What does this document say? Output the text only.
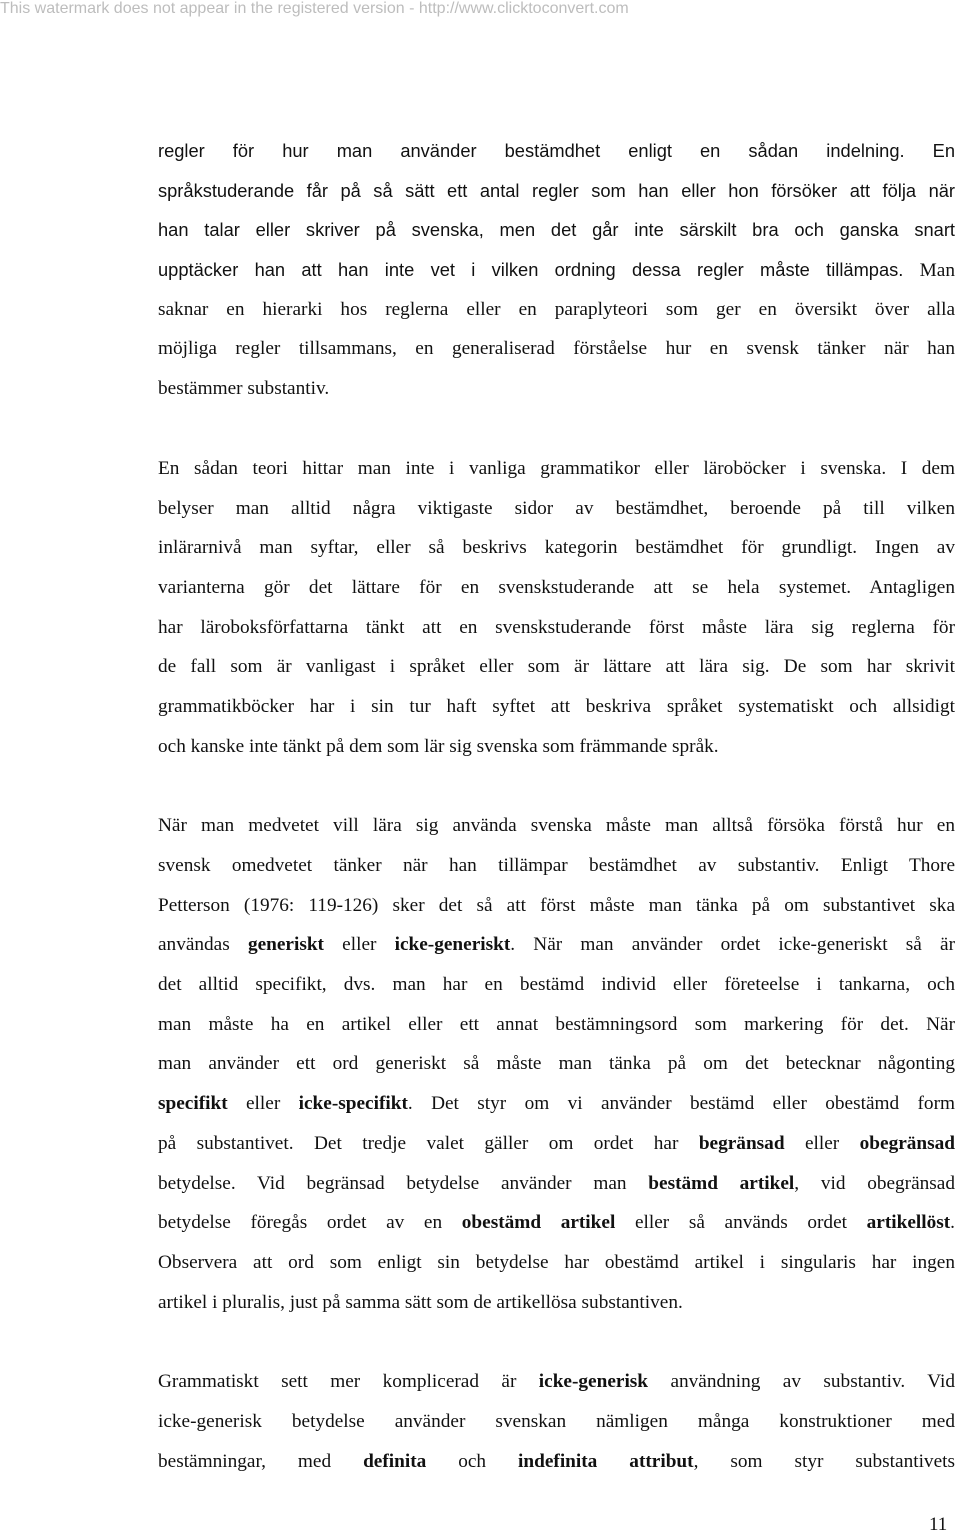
This watermark does not appear in the registered version - http://www.clicktoconvert.com
regler för hur man använder bestämdhet enligt en sådan indelning. En
språkstuderande får på så sätt ett antal regler som han eller hon försöker att följa när
han talar eller skriver på svenska, men det går inte särskilt bra och ganska snart
upptäcker han att han inte vet i vilken ordning dessa regler måste tillämpas. Man
saknar en hierarki hos reglerna eller en paraplyteori som ger en översikt över alla
möjliga regler tillsammans, en generaliserad förståelse hur en svensk tänker när han
bestämmer substantiv.
En sådan teori hittar man inte i vanliga grammatikor eller läroböcker i svenska. I dem
belyser man alltid några viktigaste sidor av bestämdhet, beroende på till vilken
inlärarnivå man syftar, eller så beskrivs kategorin bestämdhet för grundligt. Ingen av
varianterna gör det lättare för en svenskstuderande att se hela systemet. Antagligen
har läroboksförfattarna tänkt att en svenskstuderande först måste lära sig reglerna för
de fall som är vanligast i språket eller som är lättare att lära sig. De som har skrivit
grammatikböcker har i sin tur haft syftet att beskriva språket systematiskt och allsidigt
och kanske inte tänkt på dem som lär sig svenska som främmande språk.
När man medvetet vill lära sig använda svenska måste man alltså försöka förstå hur en
svensk omedvetet tänker när han tillämpar bestämdhet av substantiv. Enligt Thore
Petterson (1976: 119-126) sker det så att först måste man tänka på om substantivet ska
användas generiskt eller icke-generiskt. När man använder ordet icke-generiskt så är
det alltid specifikt, dvs. man har en bestämd individ eller företeelse i tankarna, och
man måste ha en artikel eller ett annat bestämningsord som markering för det. När
man använder ett ord generiskt så måste man tänka på om det betecknar någonting
specifikt eller icke-specifikt. Det styr om vi använder bestämd eller obestämd form
på substantivet. Det tredje valet gäller om ordet har begränsad eller obegränsad
betydelse. Vid begränsad betydelse använder man bestämd artikel, vid obegränsad
betydelse föregås ordet av en obestämd artikel eller så används ordet artikellöst.
Observera att ord som enligt sin betydelse har obestämd artikel i singularis har ingen
artikel i pluralis, just på samma sätt som de artikellösa substantiven.
Grammatiskt sett mer komplicerad är icke-generisk användning av substantiv. Vid
icke-generisk betydelse använder svenskan nämligen många konstruktioner med
bestämningar, med definita och indefinita attribut, som styr substantivets
11
